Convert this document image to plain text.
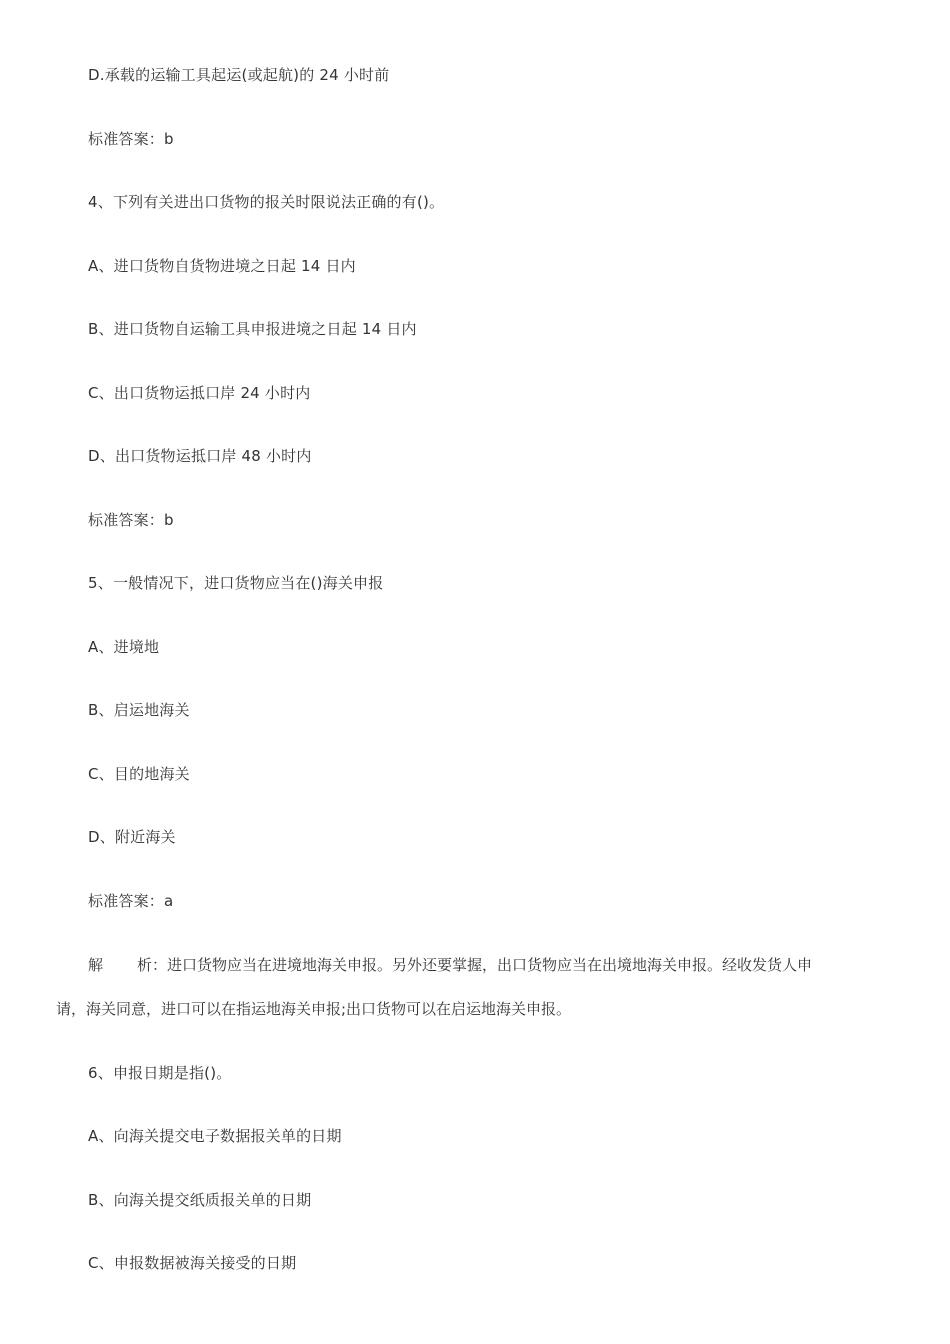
D.承载的运输工具起运(或起航)的 24 小时前
标准答案：b
4、下列有关进出口货物的报关时限说法正确的有()。
A、进口货物自货物进境之日起 14 日内
B、进口货物自运输工具申报进境之日起 14 日内
C、出口货物运抵口岸 24 小时内
D、出口货物运抵口岸 48 小时内
标准答案：b
5、一般情况下，进口货物应当在()海关申报
A、进境地
B、启运地海关
C、目的地海关
D、附近海关
标准答案：a
解 析：进口货物应当在进境地海关申报。另外还要掌握，出口货物应当在出境地海关申报。经收发货人申
请，海关同意，进口可以在指运地海关申报;出口货物可以在启运地海关申报。
6、申报日期是指()。
A、向海关提交电子数据报关单的日期
B、向海关提交纸质报关单的日期
C、申报数据被海关接受的日期
